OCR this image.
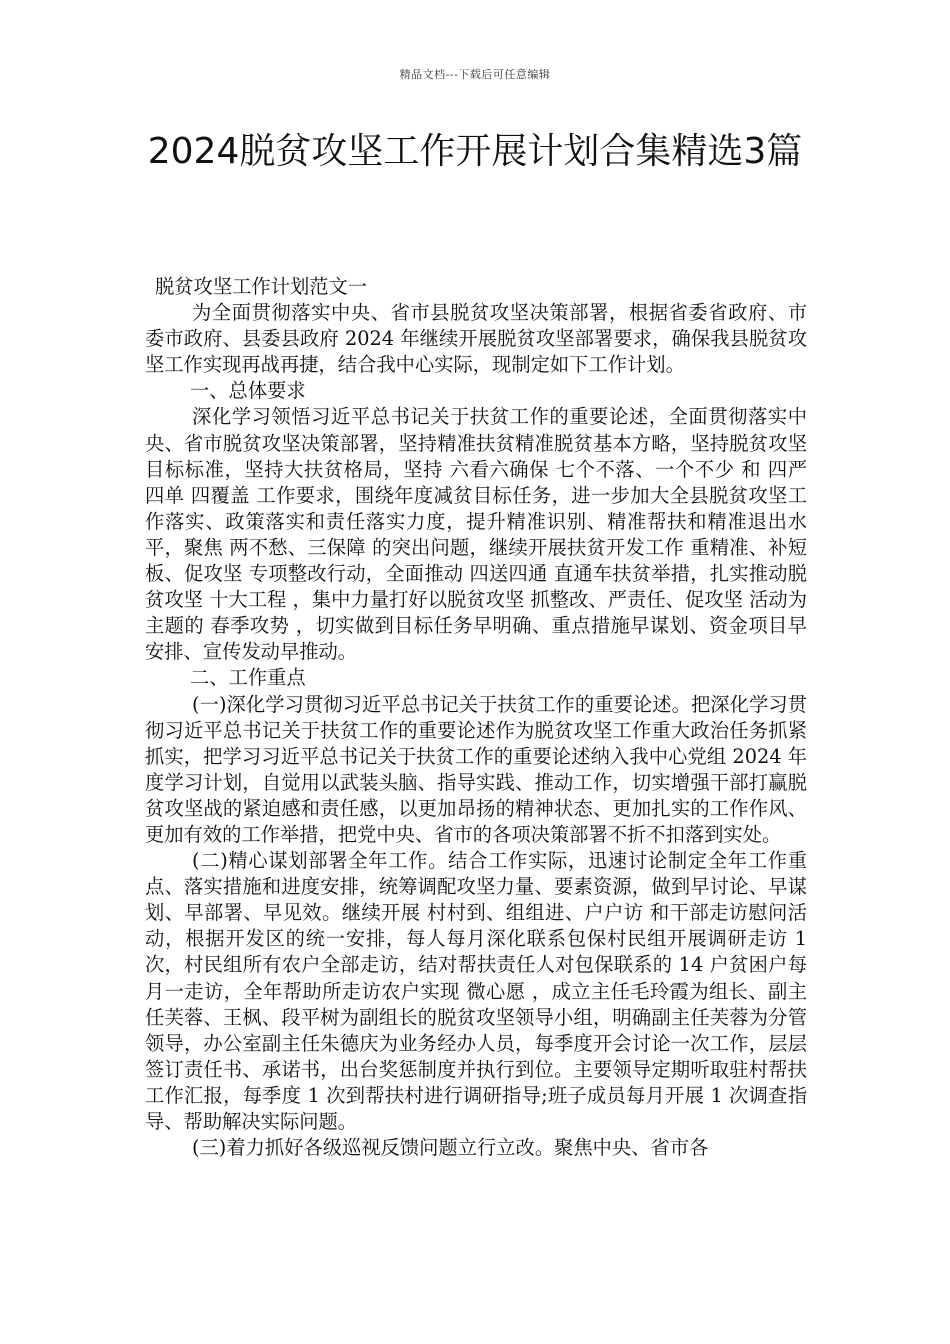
精品文档---下载后可任意编辑
2024脱贫攻坚工作开展计划合集精选3篇

脱贫攻坚工作计划范文一

为全面贯彻落实中央、省市县脱贫攻坚决策部署，根据省委省政府、市委市政府、县委县政府 2024 年继续开展脱贫攻坚部署要求，确保我县脱贫攻坚工作实现再战再捷，结合我中心实际，现制定如下工作计划。

一、总体要求

深化学习领悟习近平总书记关于扶贫工作的重要论述，全面贯彻落实中央、省市脱贫攻坚决策部署，坚持精准扶贫精准脱贫基本方略，坚持脱贫攻坚目标标准，坚持大扶贫格局，坚持 六看六确保 七个不落、一个不少 和 四严 四单 四覆盖 工作要求，围绕年度减贫目标任务，进一步加大全县脱贫攻坚工作落实、政策落实和责任落实力度，提升精准识别、精准帮扶和精准退出水平，聚焦 两不愁、三保障 的突出问题，继续开展扶贫开发工作 重精准、补短板、促攻坚 专项整改行动，全面推动 四送四通 直通车扶贫举措，扎实推动脱贫攻坚 十大工程 ，集中力量打好以脱贫攻坚 抓整改、严责任、促攻坚 活动为主题的 春季攻势 ，切实做到目标任务早明确、重点措施早谋划、资金项目早安排、宣传发动早推动。

二、工作重点

(一)深化学习贯彻习近平总书记关于扶贫工作的重要论述。把深化学习贯彻习近平总书记关于扶贫工作的重要论述作为脱贫攻坚工作重大政治任务抓紧抓实，把学习习近平总书记关于扶贫工作的重要论述纳入我中心党组 2024 年度学习计划，自觉用以武装头脑、指导实践、推动工作，切实增强干部打赢脱贫攻坚战的紧迫感和责任感，以更加昂扬的精神状态、更加扎实的工作作风、更加有效的工作举措，把党中央、省市的各项决策部署不折不扣落到实处。

(二)精心谋划部署全年工作。结合工作实际，迅速讨论制定全年工作重点、落实措施和进度安排，统筹调配攻坚力量、要素资源，做到早讨论、早谋划、早部署、早见效。继续开展 村村到、组组进、户户访 和干部走访慰问活动，根据开发区的统一安排，每人每月深化联系包保村民组开展调研走访 1 次，村民组所有农户全部走访，结对帮扶责任人对包保联系的 14 户贫困户每月一走访，全年帮助所走访农户实现 微心愿 ，成立主任毛玲霞为组长、副主任芙蓉、王枫、段平树为副组长的脱贫攻坚领导小组，明确副主任芙蓉为分管领导，办公室副主任朱德庆为业务经办人员，每季度开会讨论一次工作，层层签订责任书、承诺书，出台奖惩制度并执行到位。主要领导定期听取驻村帮扶工作汇报，每季度 1 次到帮扶村进行调研指导;班子成员每月开展 1 次调查指导、帮助解决实际问题。

(三)着力抓好各级巡视反馈问题立行立改。聚焦中央、省市各
